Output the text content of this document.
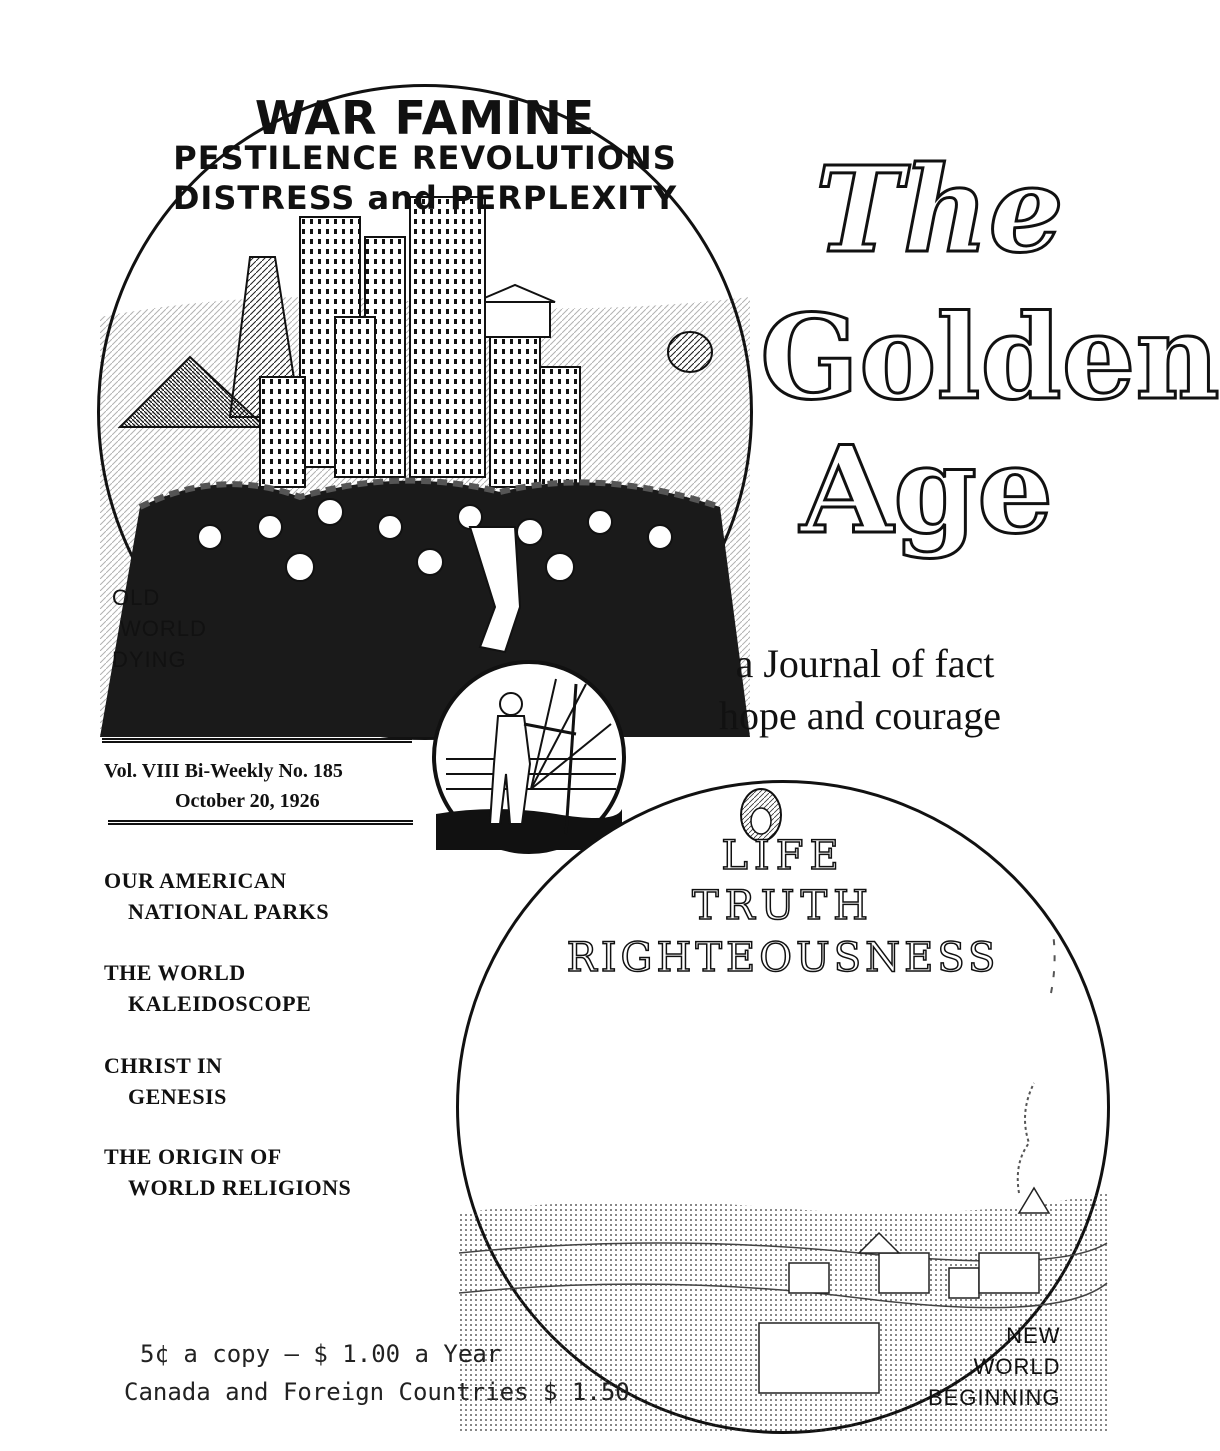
WAR FAMINE
PESTILENCE REVOLUTIONS
DISTRESS and PERPLEXITY
OLD
WORLD
DYING
The
Golden
Age
a Journal of fact
hope and courage
Vol. VIII Bi-Weekly No. 185
October 20, 1926
OUR AMERICAN
NATIONAL PARKS
THE WORLD
KALEIDOSCOPE
CHRIST IN
GENESIS
THE ORIGIN OF
WORLD RELIGIONS
LIFE
TRUTH
RIGHTEOUSNESS
NEW
WORLD
BEGINNING
5¢ a copy — $ 1.00 a Year
Canada and Foreign Countries $ 1.50
